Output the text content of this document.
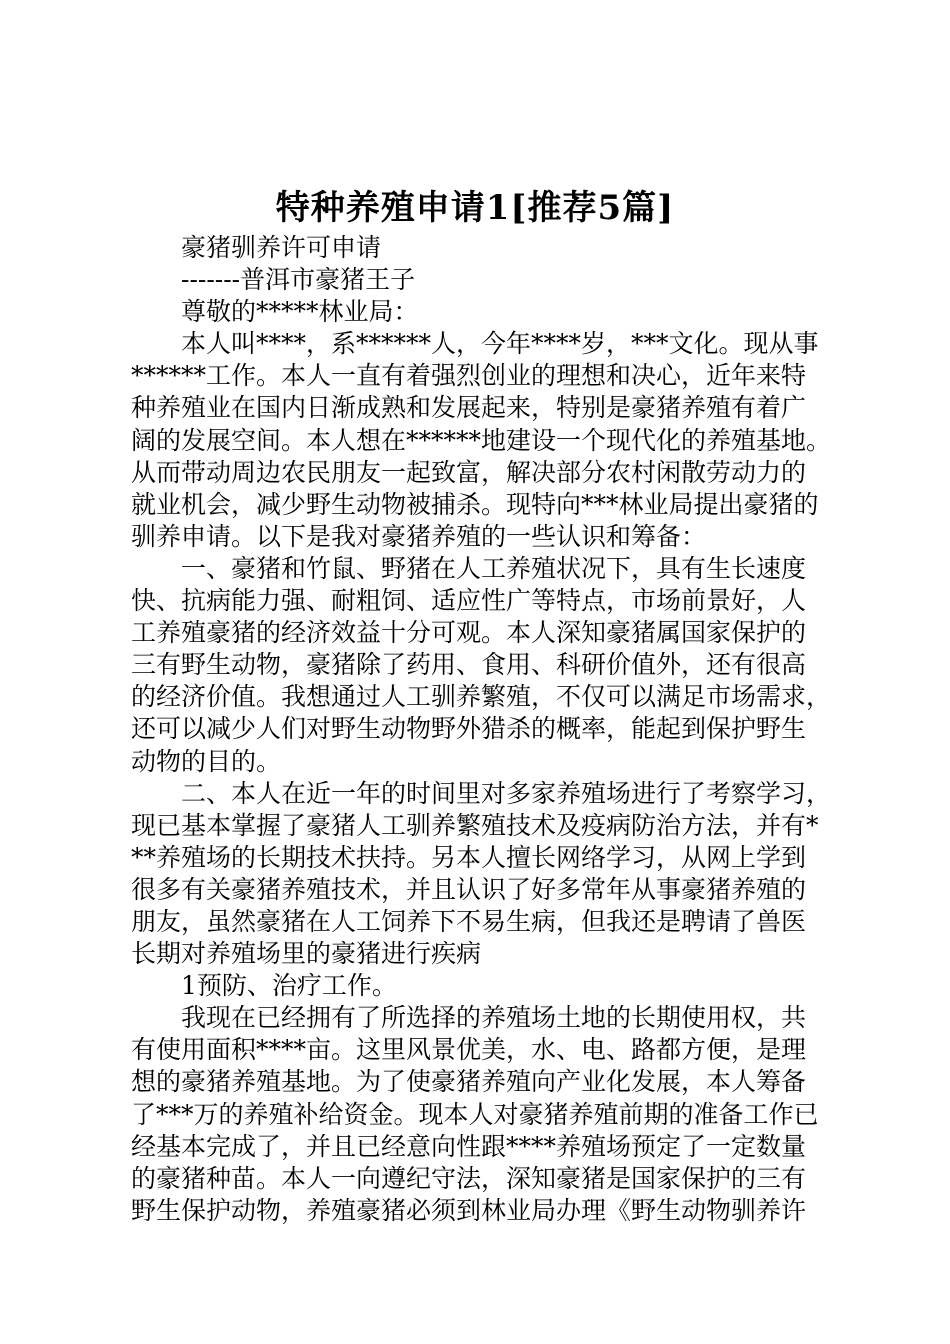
特种养殖申请1[推荐5篇]
豪猪驯养许可申请
-------普洱市豪猪王子
尊敬的*****林业局：
本人叫****，系******人，今年****岁，***文化。现从事
******工作。本人一直有着强烈创业的理想和决心，近年来特
种养殖业在国内日渐成熟和发展起来，特别是豪猪养殖有着广
阔的发展空间。本人想在******地建设一个现代化的养殖基地。
从而带动周边农民朋友一起致富，解决部分农村闲散劳动力的
就业机会，减少野生动物被捕杀。现特向***林业局提出豪猪的
驯养申请。以下是我对豪猪养殖的一些认识和筹备：
一、豪猪和竹鼠、野猪在人工养殖状况下，具有生长速度
快、抗病能力强、耐粗饲、适应性广等特点，市场前景好，人
工养殖豪猪的经济效益十分可观。本人深知豪猪属国家保护的
三有野生动物，豪猪除了药用、食用、科研价值外，还有很高
的经济价值。我想通过人工驯养繁殖，不仅可以满足市场需求，
还可以减少人们对野生动物野外猎杀的概率，能起到保护野生
动物的目的。
二、本人在近一年的时间里对多家养殖场进行了考察学习，
现已基本掌握了豪猪人工驯养繁殖技术及疫病防治方法，并有*
**养殖场的长期技术扶持。另本人擅长网络学习，从网上学到
很多有关豪猪养殖技术，并且认识了好多常年从事豪猪养殖的
朋友，虽然豪猪在人工饲养下不易生病，但我还是聘请了兽医
长期对养殖场里的豪猪进行疾病
1预防、治疗工作。
我现在已经拥有了所选择的养殖场土地的长期使用权，共
有使用面积****亩。这里风景优美，水、电、路都方便，是理
想的豪猪养殖基地。为了使豪猪养殖向产业化发展，本人筹备
了***万的养殖补给资金。现本人对豪猪养殖前期的准备工作已
经基本完成了，并且已经意向性跟****养殖场预定了一定数量
的豪猪种苗。本人一向遵纪守法，深知豪猪是国家保护的三有
野生保护动物，养殖豪猪必须到林业局办理《野生动物驯养许
